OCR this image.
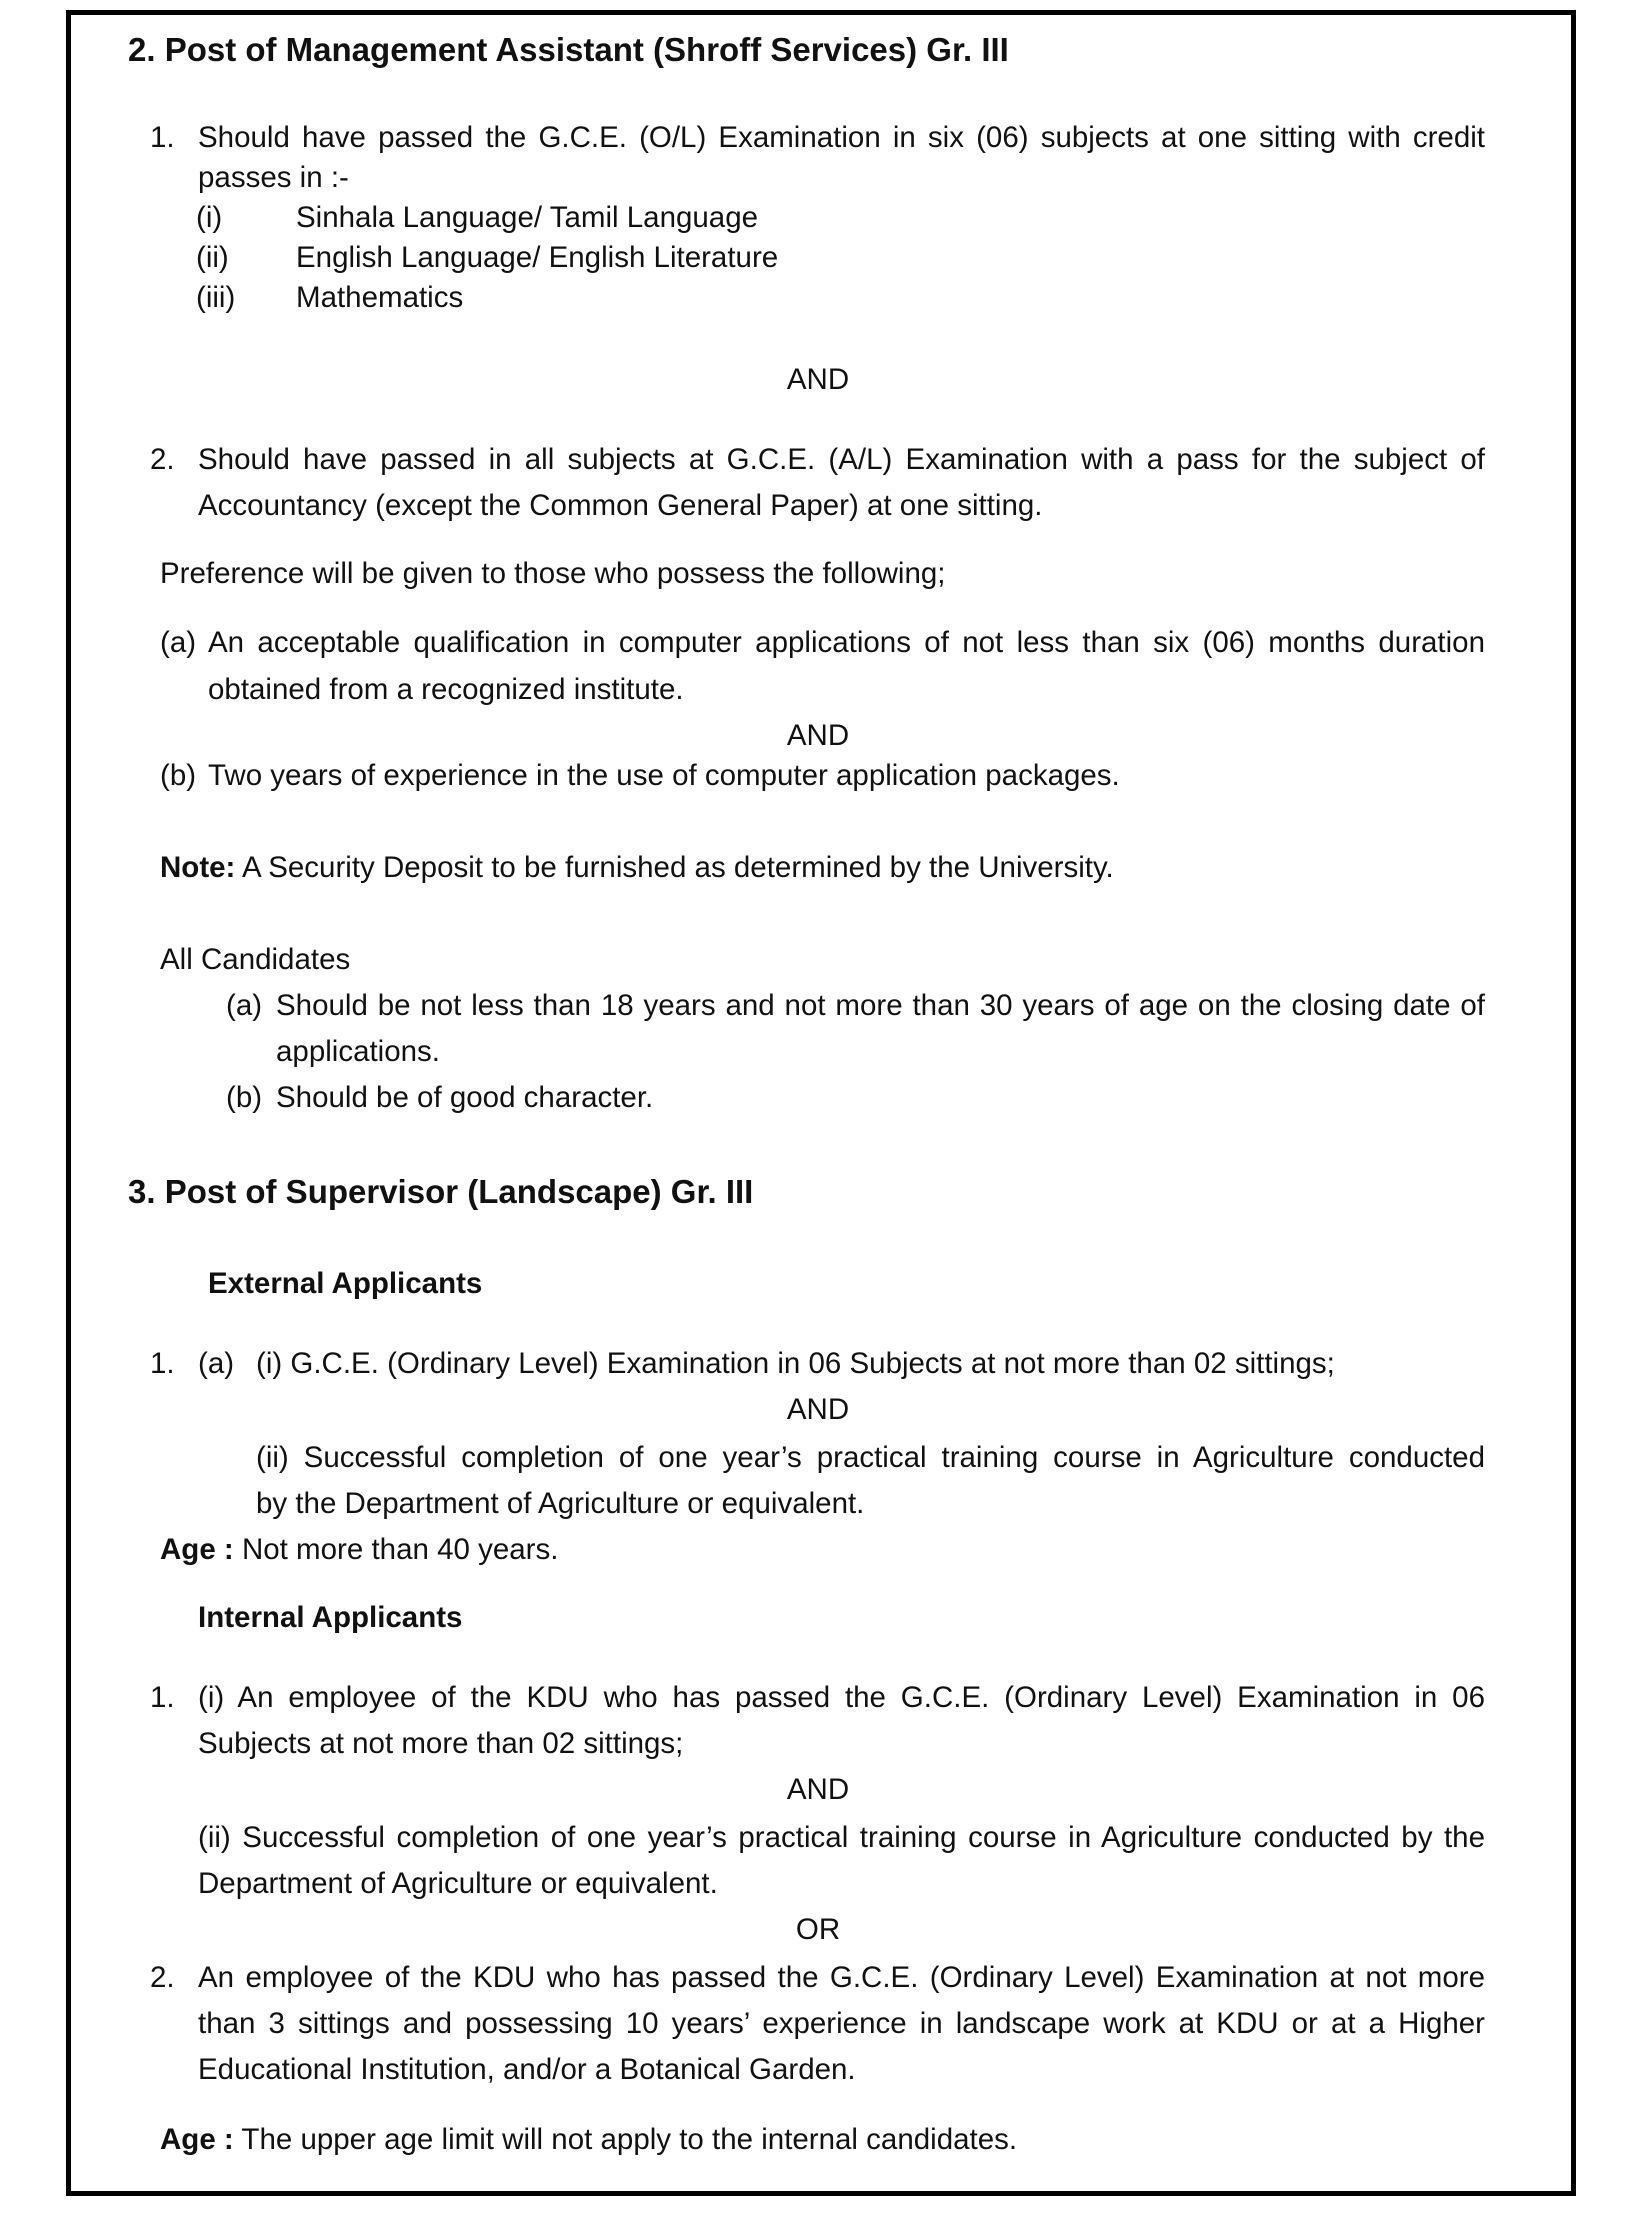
2. Post of Management Assistant (Shroff Services) Gr. III
1. Should have passed the G.C.E. (O/L) Examination in six (06) subjects at one sitting with credit
passes in :-
(i)	Sinhala Language/ Tamil Language
(ii) English Language/ English Literature
(iii) Mathematics
AND
2. Should have passed in all subjects at G.C.E. (A/L) Examination with a pass for the subject of
Accountancy (except the Common General Paper) at one sitting.
Preference will be given to those who possess the following;
(a) An acceptable qualification in computer applications of not less than six (06) months duration
obtained from a recognized institute.
AND
(b) Two years of experience in the use of computer application packages.
Note: A Security Deposit to be furnished as determined by the University.
All Candidates
(a) Should be not less than 18 years and not more than 30 years of age on the closing date of
applications.
(b) Should be of good character.
3. Post of Supervisor (Landscape) Gr. III
External Applicants
1. (a) (i) G.C.E. (Ordinary Level) Examination in 06 Subjects at not more than 02 sittings;
AND
(ii) Successful completion of one year’s practical training course in Agriculture conducted
by the Department of Agriculture or equivalent.
Age : Not more than 40 years.
Internal Applicants
1. (i) An employee of the KDU who has passed the G.C.E. (Ordinary Level) Examination in 06
Subjects at not more than 02 sittings;
AND
(ii) Successful completion of one year’s practical training course in Agriculture conducted by the
Department of Agriculture or equivalent.
OR
2. An employee of the KDU who has passed the G.C.E. (Ordinary Level) Examination at not more
than 3 sittings and possessing 10 years’ experience in landscape work at KDU or at a Higher
Educational Institution, and/or a Botanical Garden.
Age : The upper age limit will not apply to the internal candidates.
